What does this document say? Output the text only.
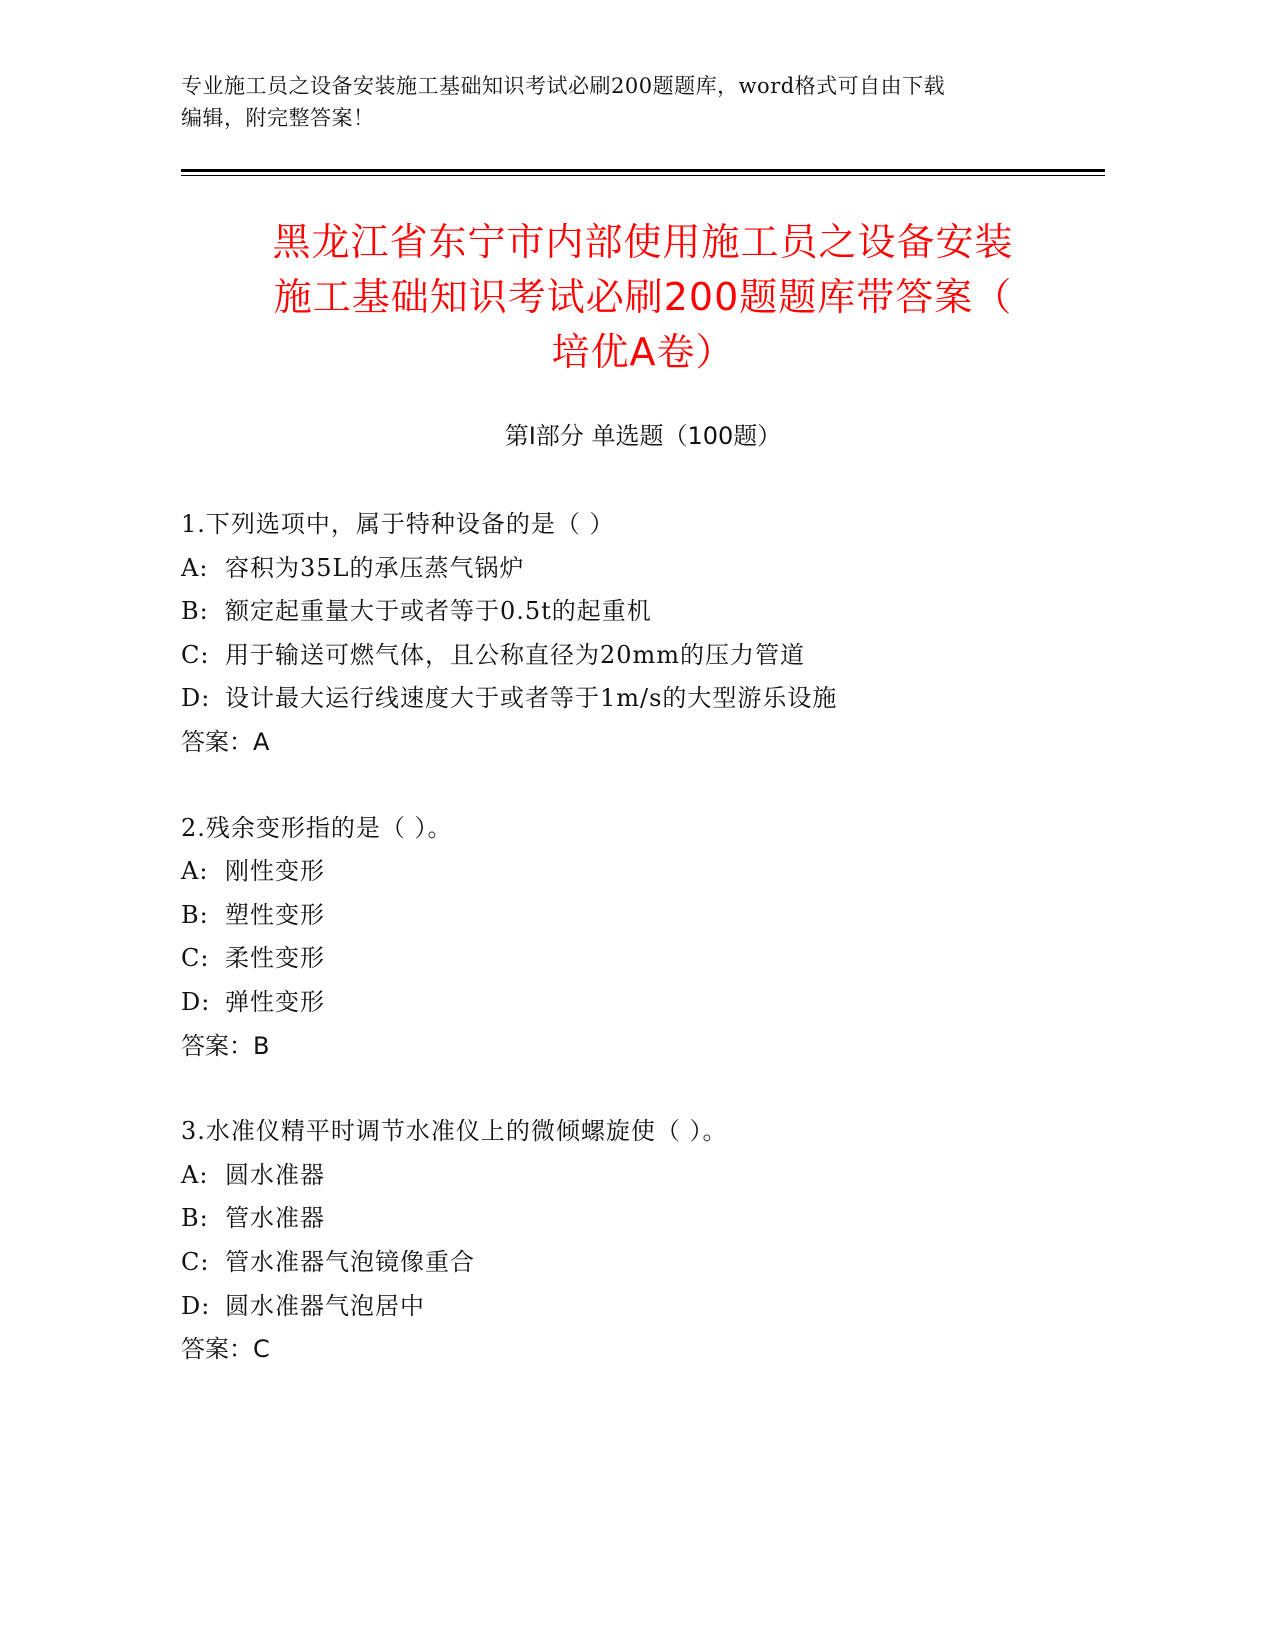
专业施工员之设备安装施工基础知识考试必刷200题题库，word格式可自由下载
编辑，附完整答案！
黑龙江省东宁市内部使用施工员之设备安装
施工基础知识考试必刷200题题库带答案（
培优A卷）
第Ⅰ部分 单选题（100题）
1.下列选项中，属于特种设备的是（ ）
A: 容积为35L的承压蒸气锅炉
B: 额定起重量大于或者等于0.5t的起重机
C: 用于输送可燃气体，且公称直径为20mm的压力管道
D: 设计最大运行线速度大于或者等于1m/s的大型游乐设施
答案：A
2.残余变形指的是（ ）。
A: 刚性变形
B: 塑性变形
C: 柔性变形
D: 弹性变形
答案：B
3.水准仪精平时调节水准仪上的微倾螺旋使（ ）。
A: 圆水准器
B: 管水准器
C: 管水准器气泡镜像重合
D: 圆水准器气泡居中
答案：C
